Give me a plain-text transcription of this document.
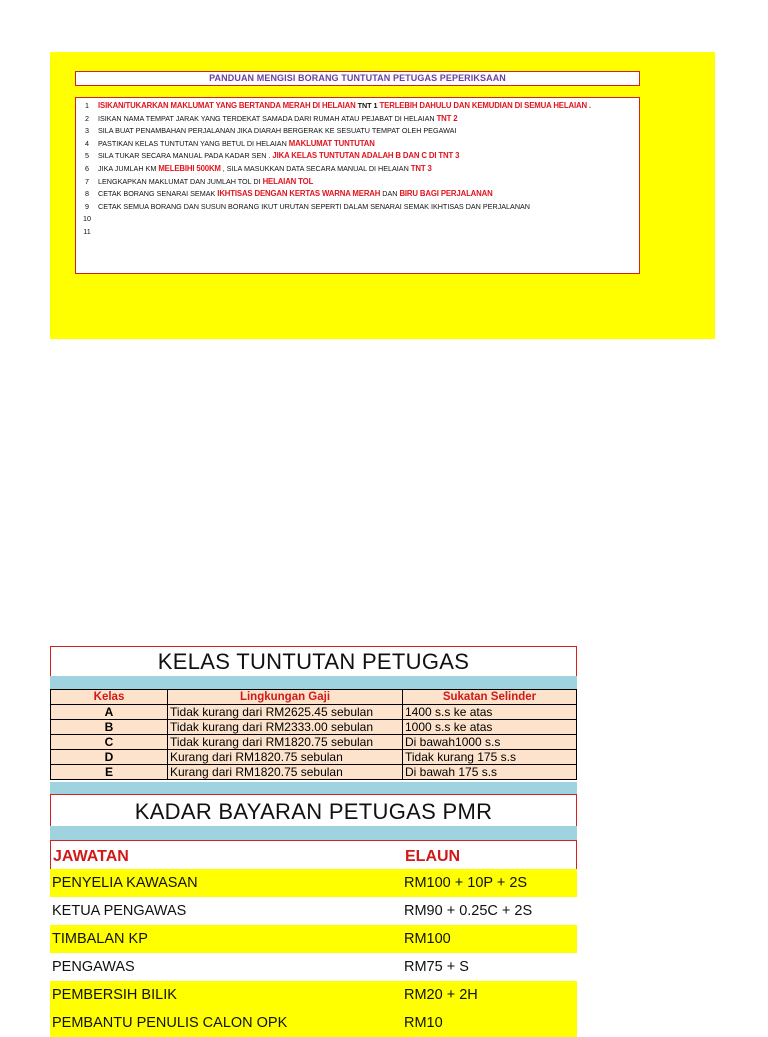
PANDUAN MENGISI BORANG TUNTUTAN PETUGAS PEPERIKSAAN
1 ISIKAN/TUKARKAN MAKLUMAT YANG BERTANDA MERAH DI HELAIAN TNT 1 TERLEBIH DAHULU DAN KEMUDIAN DI SEMUA HELAIAN .
2 ISIKAN NAMA TEMPAT JARAK YANG TERDEKAT SAMADA DARI RUMAH ATAU PEJABAT DI HELAIAN TNT 2
3 SILA BUAT PENAMBAHAN PERJALANAN JIKA DIARAH BERGERAK KE SESUATU TEMPAT OLEH PEGAWAI
4 PASTIKAN KELAS TUNTUTAN YANG BETUL DI HELAIAN MAKLUMAT TUNTUTAN
5 SILA TUKAR SECARA MANUAL PADA KADAR SEN . JIKA KELAS TUNTUTAN ADALAH B DAN C DI TNT 3
6 JIKA JUMLAH KM MELEBIHI 500KM , SILA MASUKKAN DATA SECARA MANUAL DI HELAIAN TNT 3
7 LENGKAPKAN MAKLUMAT DAN JUMLAH TOL DI HELAIAN TOL
8 CETAK BORANG SENARAI SEMAK IKHTISAS DENGAN KERTAS WARNA MERAH DAN BIRU BAGI PERJALANAN
9 CETAK SEMUA BORANG DAN SUSUN BORANG IKUT URUTAN SEPERTI DALAM SENARAI SEMAK IKHTISAS DAN PERJALANAN
10
11
KELAS TUNTUTAN PETUGAS
Kelas	Lingkungan Gaji	Sukatan Selinder
A	Tidak kurang dari RM2625.45 sebulan	1400 s.s ke atas
B	Tidak kurang dari RM2333.00 sebulan	1000 s.s ke atas
C	Tidak kurang dari RM1820.75 sebulan	Di bawah1000 s.s
D	Kurang dari RM1820.75 sebulan	Tidak kurang 175 s.s
E	Kurang dari RM1820.75 sebulan	Di bawah 175 s.s
KADAR BAYARAN PETUGAS PMR
JAWATAN	ELAUN
PENYELIA KAWASAN	RM100 + 10P + 2S
KETUA PENGAWAS	RM90 + 0.25C + 2S
TIMBALAN KP	RM100
PENGAWAS	RM75 + S
PEMBERSIH BILIK	RM20 + 2H
PEMBANTU PENULIS CALON OPK	RM10
